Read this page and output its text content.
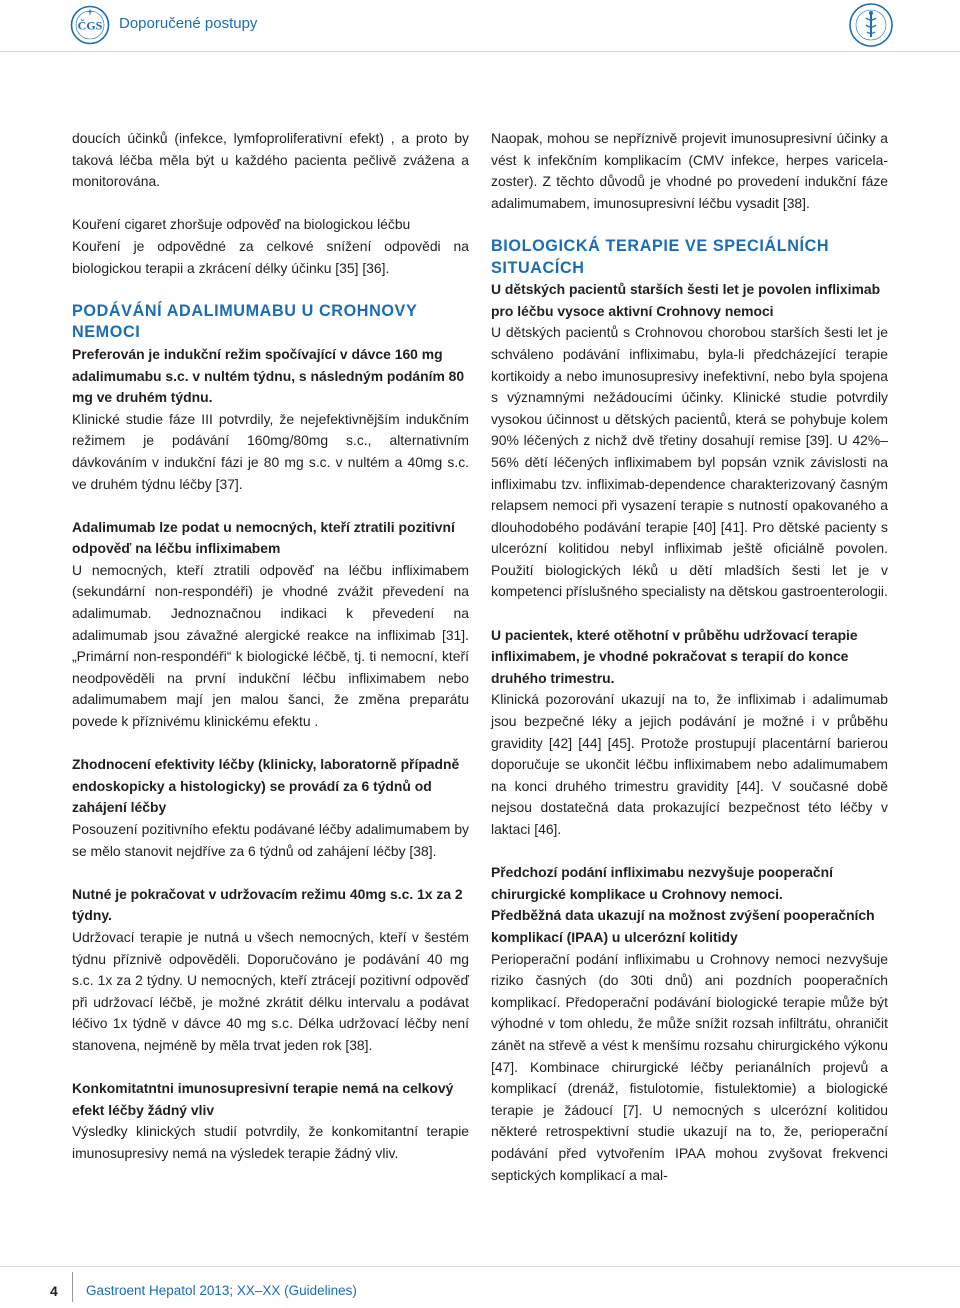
ČGS Doporučené postupy

doucích účinků (infekce, lymfoproliferativní efekt) , a proto by taková léčba měla být u každého pacienta pečlivě zvážena a monitorována.

Kouření cigaret zhoršuje odpověď na biologickou léčbu

Kouření je odpovědné za celkové snížení odpovědi na biologickou terapii a zkrácení délky účinku [35] [36].

PODÁVÁNÍ ADALIMUMABU U CROHNOVY NEMOCI

Preferován je indukční režim spočívající v dávce 160 mg adalimumabu s.c. v nultém týdnu, s následným podáním 80 mg ve druhém týdnu.

Klinické studie fáze III potvrdily, že nejefektivnějším indukčním režimem je podávání 160mg/80mg s.c., alternativním dávkováním v indukční fázi je 80 mg s.c. v nultém a 40mg s.c. ve druhém týdnu léčby [37].

Adalimumab lze podat u nemocných, kteří ztratili pozitivní odpověď na léčbu infliximabem

U nemocných, kteří ztratili odpověď na léčbu infliximabem (sekundární non-respondéři) je vhodné zvážit převedení na adalimumab. Jednoznačnou indikaci k převedení na adalimumab jsou závažné alergické reakce na infliximab [31]. „Primární non-respondéři“ k biologické léčbě, tj. ti nemocní, kteří neodpověděli na první indukční léčbu infliximabem nebo adalimumabem mají jen malou šanci, že změna preparátu povede k příznivému klinickému efektu .

Zhodnocení efektivity léčby (klinicky, laboratorně případně endoskopicky a histologicky) se provádí za 6 týdnů od zahájení léčby

Posouzení pozitivního efektu podávané léčby adalimumabem by se mělo stanovit nejdříve za 6 týdnů od zahájení léčby [38].

Nutné je pokračovat v udržovacím režimu 40mg s.c. 1x za 2 týdny.

Udržovací terapie je nutná u všech nemocných, kteří v šestém týdnu příznivě odpověděli. Doporučováno je podávání 40 mg s.c. 1x za 2 týdny. U nemocných, kteří ztrácejí pozitivní odpověď při udržovací léčbě, je možné zkrátit délku intervalu a podávat léčivo 1x týdně v dávce 40 mg s.c. Délka udržovací léčby není stanovena, nejméně by měla trvat jeden rok [38].

Konkomitatntni imunosupresivní terapie nemá na celkový efekt léčby žádný vliv

Výsledky klinických studií potvrdily, že konkomitantní terapie imunosupresivy nemá na výsledek terapie žádný vliv.

Naopak, mohou se nepříznivě projevit imunosupresivní účinky a vést k infekčním komplikacím (CMV infekce, herpes varicela-zoster). Z těchto důvodů je vhodné po provedení indukční fáze adalimumabem, imunosupresivní léčbu vysadit [38].

BIOLOGICKÁ TERAPIE VE SPECIÁLNÍCH SITUACÍCH

U dětských pacientů starších šesti let je povolen infliximab pro léčbu vysoce aktivní Crohnovy nemoci

U dětských pacientů s Crohnovou chorobou starších šesti let je schváleno podávání infliximabu, byla-li předcházející terapie kortikoidy a nebo imunosupresivy inefektivní, nebo byla spojena s významnými nežádoucími účinky. Klinické studie potvrdily vysokou účinnost u dětských pacientů, která se pohybuje kolem 90% léčených z nichž dvě třetiny dosahují remise [39]. U 42%–56% dětí léčených infliximabem byl popsán vznik závislosti na infliximabu tzv. infliximab-dependence charakterizovaný časným relapsem nemoci při vysazení terapie s nutností opakovaného a dlouhodobého podávání terapie [40] [41]. Pro dětské pacienty s ulcerózní kolitidou nebyl infliximab ještě oficiálně povolen. Použití biologických léků u dětí mladších šesti let je v kompetenci příslušného specialisty na dětskou gastroenterologii.

U pacientek, které otěhotní v průběhu udržovací terapie infliximabem, je vhodné pokračovat s terapií do konce druhého trimestru.

Klinická pozorování ukazují na to, že infliximab i adalimumab jsou bezpečné léky a jejich podávání je možné i v průběhu gravidity [42] [44] [45]. Protože prostupují placentární barierou doporučuje se ukončit léčbu infliximabem nebo adalimumabem na konci druhého trimestru gravidity [44]. V současné době nejsou dostatečná data prokazující bezpečnost této léčby v laktaci [46].

Předchozí podání infliximabu nezvyšuje pooperační chirurgické komplikace u Crohnovy nemoci.

Předběžná data ukazují na možnost zvýšení pooperačních komplikací (IPAA) u ulcerózní kolitidy

Perioperační podání infliximabu u Crohnovy nemoci nezvyšuje riziko časných (do 30ti dnů) ani pozdních pooperačních komplikací. Předoperační podávání biologické terapie může být výhodné v tom ohledu, že může snížit rozsah infiltrátu, ohraničit zánět na střevě a vést k menšímu rozsahu chirurgického výkonu [47]. Kombinace chirurgické léčby perianálních projevů a komplikací (drenáž, fistulotomie, fistulektomie) a biologické terapie je žádoucí [7]. U nemocných s ulcerózní kolitidou některé retrospektivní studie ukazují na to, že, perioperační podávání před vytvořením IPAA mohou zvyšovat frekvenci septických komplikací a mal-

4 Gastroent Hepatol 2013; XX–XX (Guidelines)
